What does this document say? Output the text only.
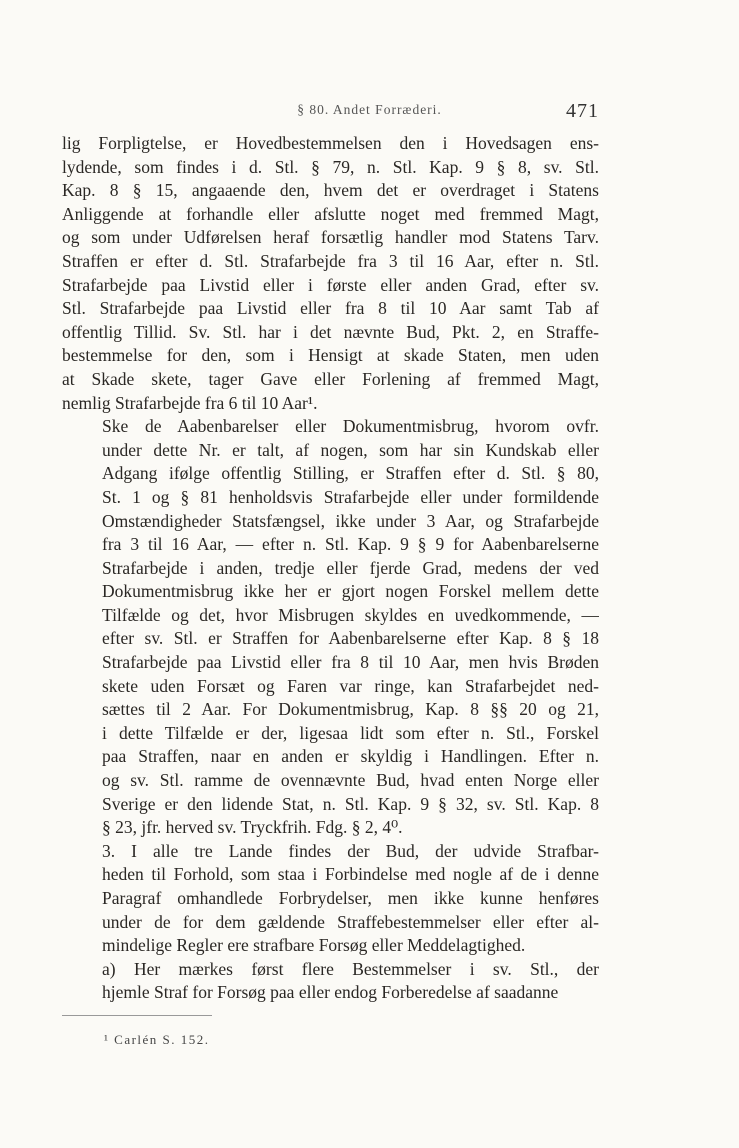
§ 80. Andet Forræderi.	471
lig Forpligtelse, er Hovedbestemmelsen den i Hovedsagen ens-
lydende, som findes i d. Stl. § 79, n. Stl. Kap. 9 § 8, sv. Stl.
Kap. 8 § 15, angaaende den, hvem det er overdraget i Statens
Anliggende at forhandle eller afslutte noget med fremmed Magt,
og som under Udførelsen heraf forsætlig handler mod Statens Tarv.
Straffen er efter d. Stl. Strafarbejde fra 3 til 16 Aar, efter n. Stl.
Strafarbejde paa Livstid eller i første eller anden Grad, efter sv.
Stl. Strafarbejde paa Livstid eller fra 8 til 10 Aar samt Tab af
offentlig Tillid. Sv. Stl. har i det nævnte Bud, Pkt. 2, en Straffe-
bestemmelse for den, som i Hensigt at skade Staten, men uden
at Skade skete, tager Gave eller Forlening af fremmed Magt,
nemlig Strafarbejde fra 6 til 10 Aar¹.
Ske de Aabenbarelser eller Dokumentmisbrug, hvorom ovfr.
under dette Nr. er talt, af nogen, som har sin Kundskab eller
Adgang ifølge offentlig Stilling, er Straffen efter d. Stl. § 80,
St. 1 og § 81 henholdsvis Strafarbejde eller under formildende
Omstændigheder Statsfængsel, ikke under 3 Aar, og Strafarbejde
fra 3 til 16 Aar, — efter n. Stl. Kap. 9 § 9 for Aabenbarelserne
Strafarbejde i anden, tredje eller fjerde Grad, medens der ved
Dokumentmisbrug ikke her er gjort nogen Forskel mellem dette
Tilfælde og det, hvor Misbrugen skyldes en uvedkommende, —
efter sv. Stl. er Straffen for Aabenbarelserne efter Kap. 8 § 18
Strafarbejde paa Livstid eller fra 8 til 10 Aar, men hvis Brøden
skete uden Forsæt og Faren var ringe, kan Strafarbejdet ned-
sættes til 2 Aar. For Dokumentmisbrug, Kap. 8 §§ 20 og 21,
i dette Tilfælde er der, ligesaa lidt som efter n. Stl., Forskel
paa Straffen, naar en anden er skyldig i Handlingen. Efter n.
og sv. Stl. ramme de ovennævnte Bud, hvad enten Norge eller
Sverige er den lidende Stat, n. Stl. Kap. 9 § 32, sv. Stl. Kap. 8
§ 23, jfr. herved sv. Tryckfrih. Fdg. § 2, 4⁰.
3. I alle tre Lande findes der Bud, der udvide Strafbar-
heden til Forhold, som staa i Forbindelse med nogle af de i denne
Paragraf omhandlede Forbrydelser, men ikke kunne henføres
under de for dem gældende Straffebestemmelser eller efter al-
mindelige Regler ere strafbare Forsøg eller Meddelagtighed.
a) Her mærkes først flere Bestemmelser i sv. Stl., der
hjemle Straf for Forsøg paa eller endog Forberedelse af saadanne
¹ Carlén S. 152.
